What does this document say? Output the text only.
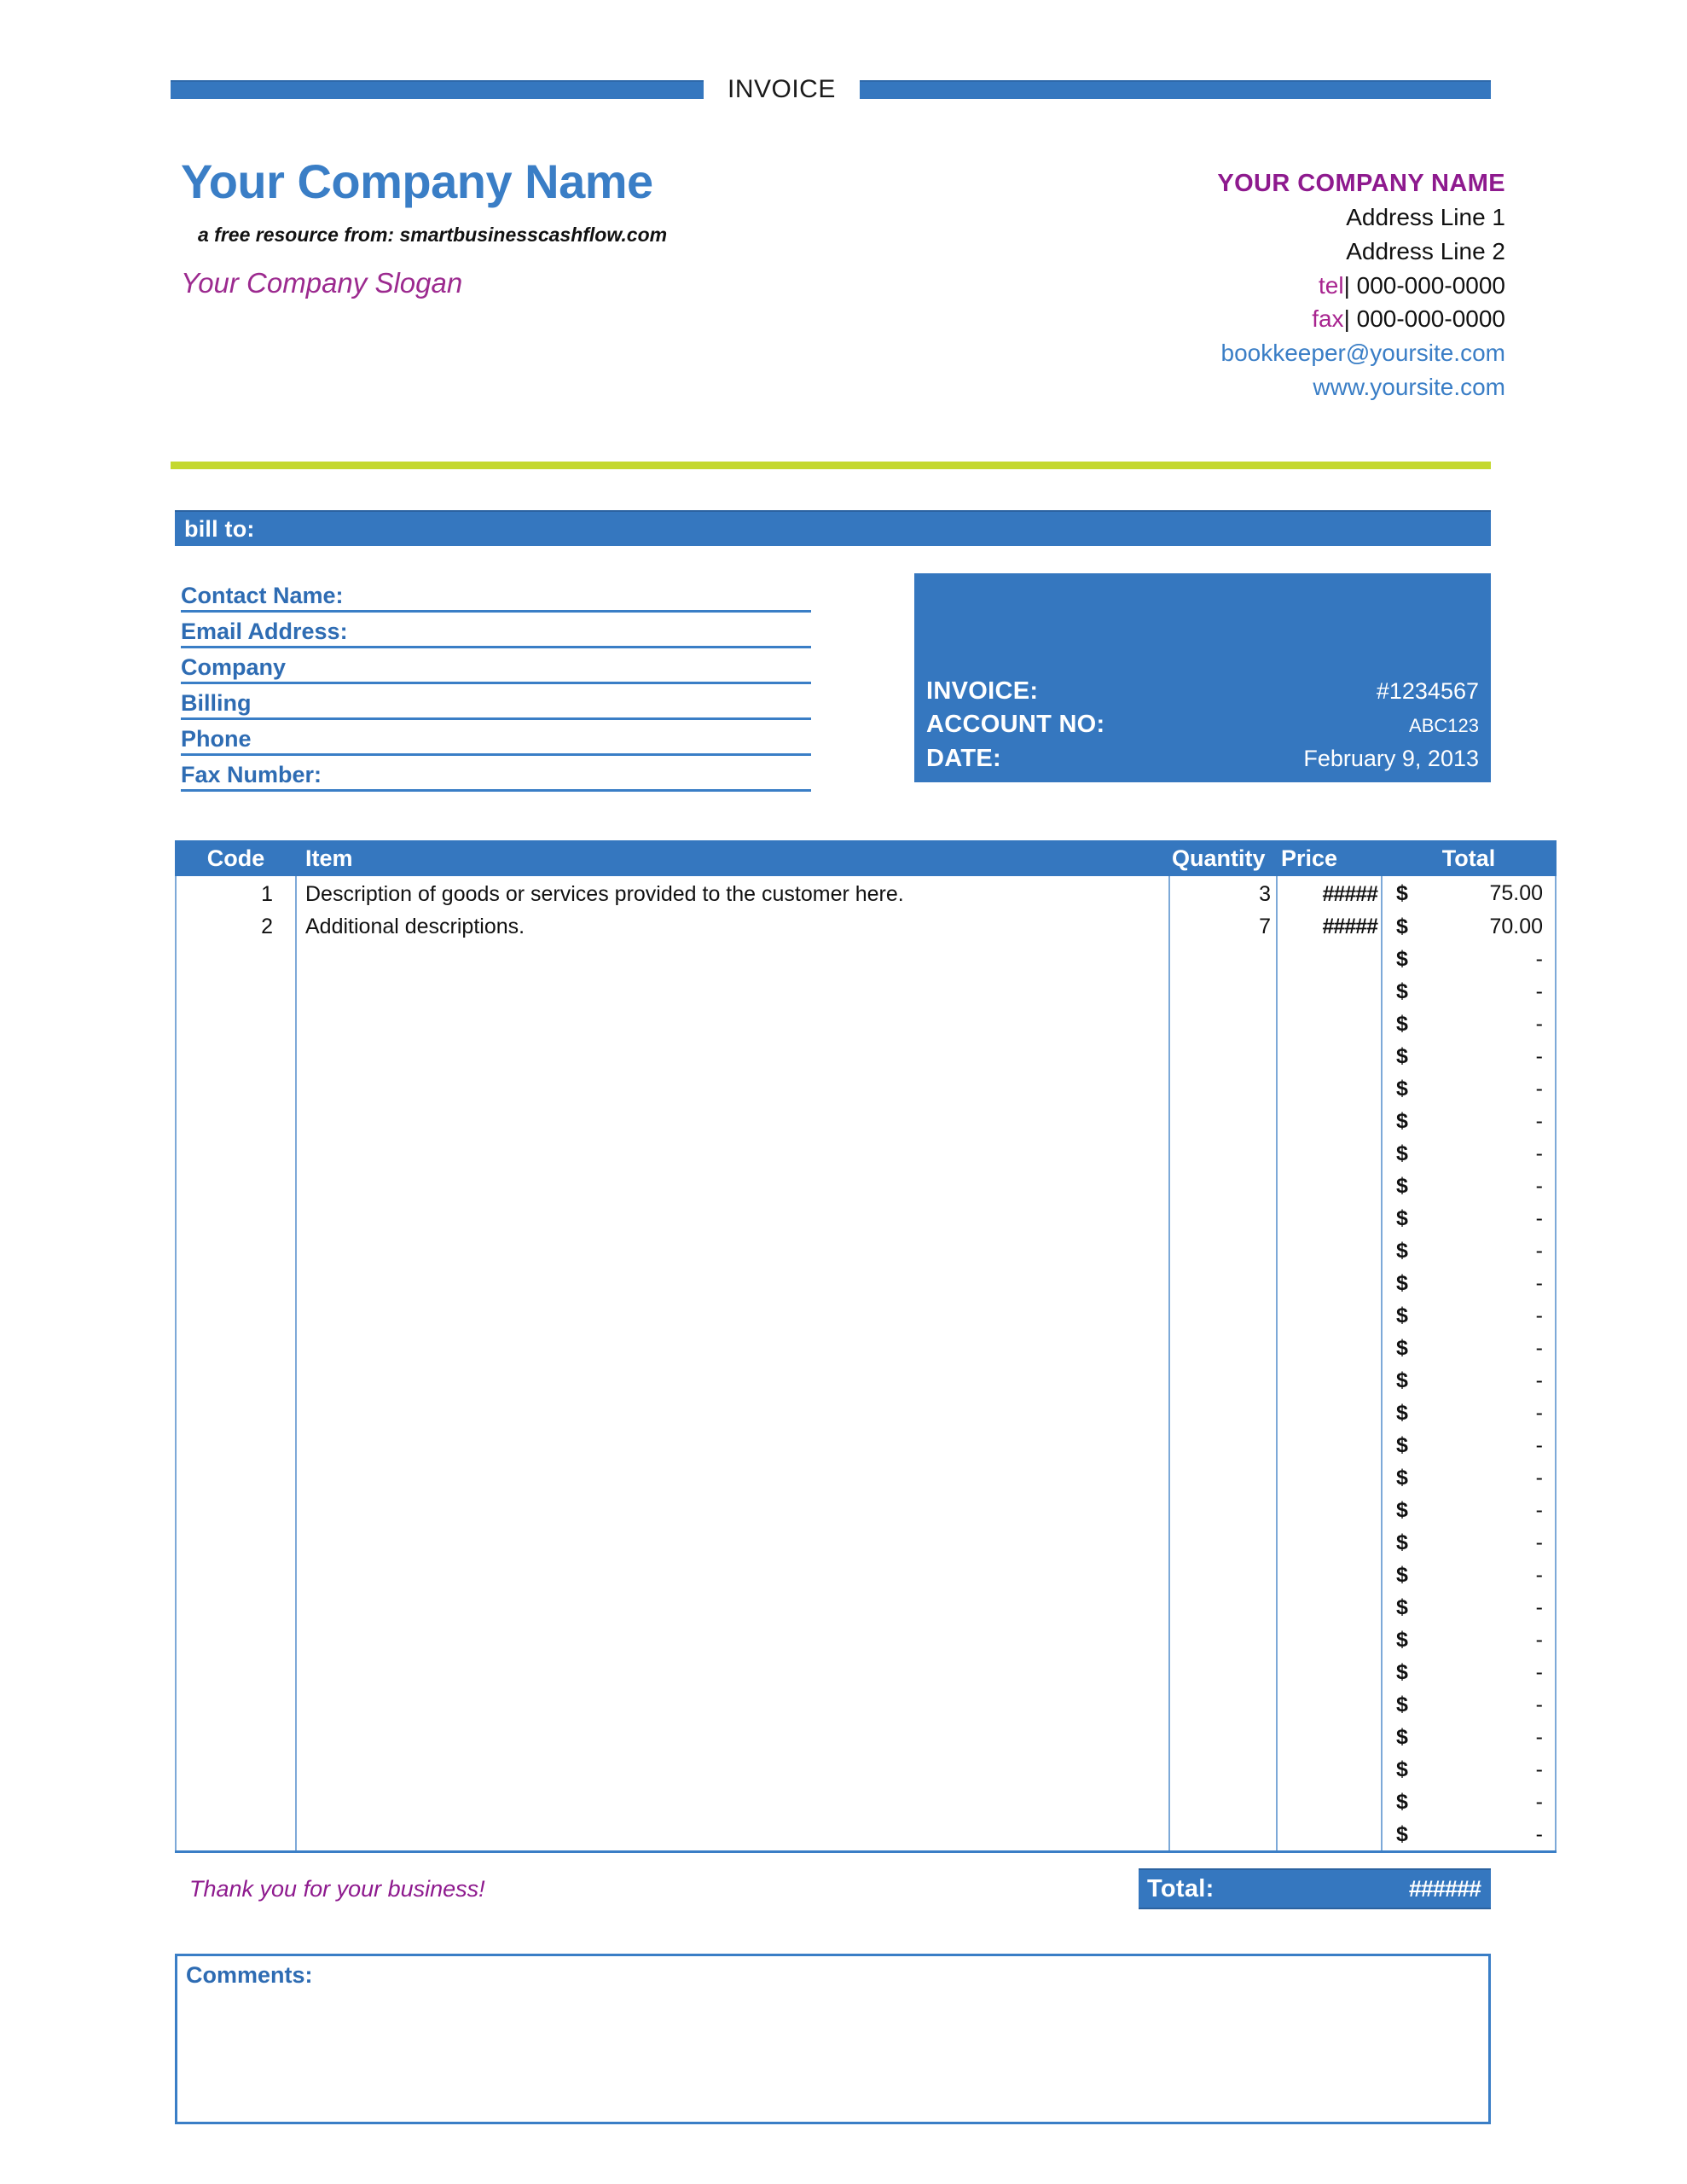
INVOICE
Your Company Name
a free resource from: smartbusinesscashflow.com
Your Company Slogan
YOUR COMPANY NAME
Address Line 1
Address Line 2
tel| 000-000-0000
fax| 000-000-0000
bookkeeper@yoursite.com
www.yoursite.com
bill to:
Contact Name:
Email Address:
Company
Billing
Phone
Fax Number:
INVOICE:	#1234567
ACCOUNT NO:	ABC123
DATE:	February 9, 2013
Code	Item	Quantity	Price	Total
1	Description of goods or services provided to the customer here.	3	#####	$ 75.00

2	Additional descriptions.	7	#####	$ 70.00

				$ -

				$ -

				$ -

				$ -

				$ -

				$ -

				$ -

				$ -

				$ -

				$ -

				$ -

				$ -

				$ -

				$ -

				$ -

				$ -

				$ -

				$ -

				$ -

				$ -

				$ -

				$ -

				$ -

				$ -

				$ -

				$ -

				$ -

				$ -
Thank you for your business!	Total:	######
Comments:
